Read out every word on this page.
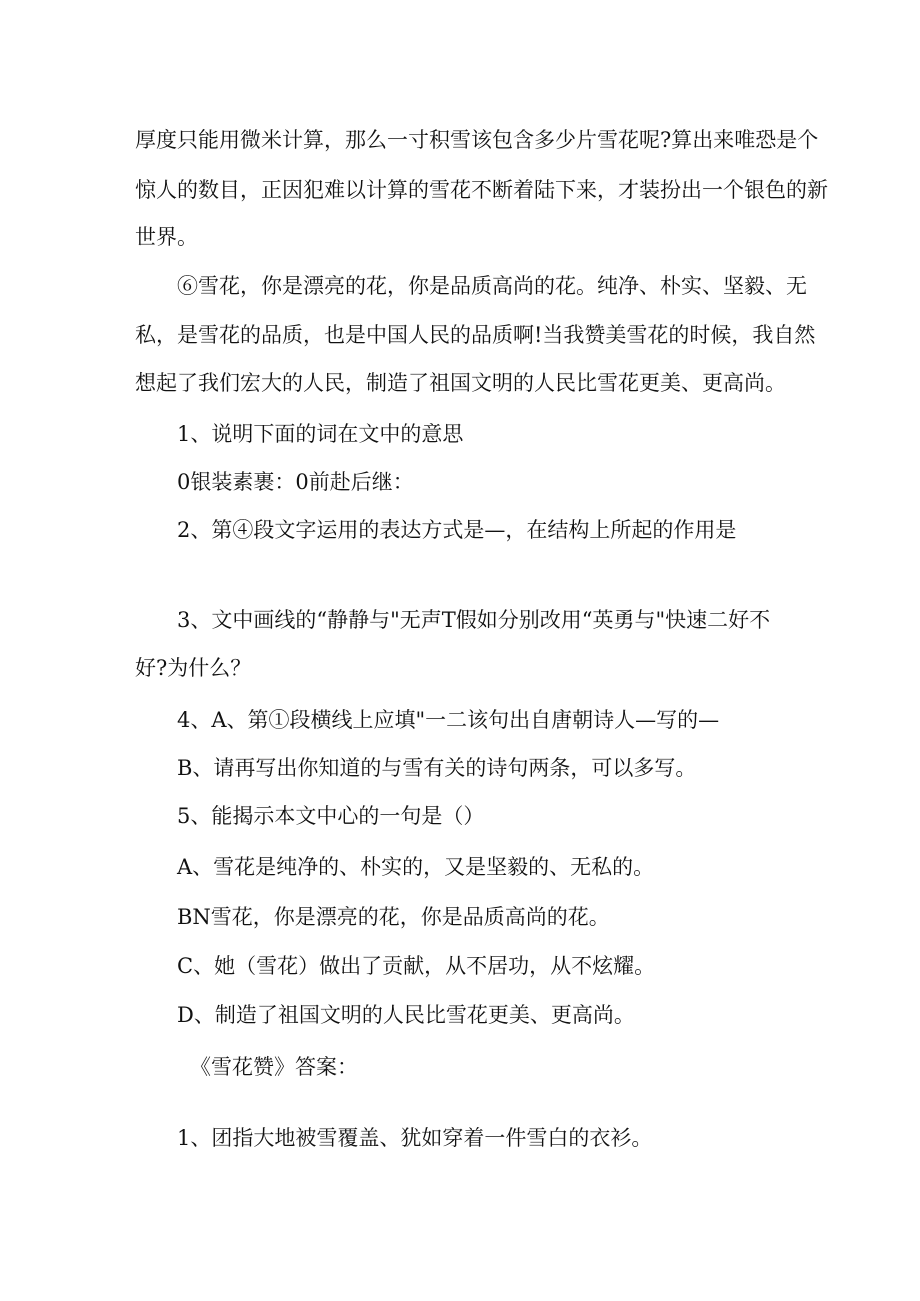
厚度只能用微米计算，那么一寸积雪该包含多少片雪花呢?算出来唯恐是个
惊人的数目，正因犯难以计算的雪花不断着陆下来，才装扮出一个银色的新
世界。
⑥雪花，你是漂亮的花，你是品质高尚的花。纯净、朴实、坚毅、无
私，是雪花的品质，也是中国人民的品质啊!当我赞美雪花的时候，我自然
想起了我们宏大的人民，制造了祖国文明的人民比雪花更美、更高尚。
1、说明下面的词在文中的意思
0银装素裹：0前赴后继：
2、第④段文字运用的表达方式是—，在结构上所起的作用是
3、文中画线的“静静与"无声T假如分别改用“英勇与"快速二好不
好?为什么？
4、A、第①段横线上应填"一二该句出自唐朝诗人—写的—
B、请再写出你知道的与雪有关的诗句两条，可以多写。
5、能揭示本文中心的一句是（）
A、雪花是纯净的、朴实的，又是坚毅的、无私的。
BN雪花，你是漂亮的花，你是品质高尚的花。
C、她（雪花）做出了贡献，从不居功，从不炫耀。
D、制造了祖国文明的人民比雪花更美、更高尚。
《雪花赞》答案：
1、团指大地被雪覆盖、犹如穿着一件雪白的衣衫。
